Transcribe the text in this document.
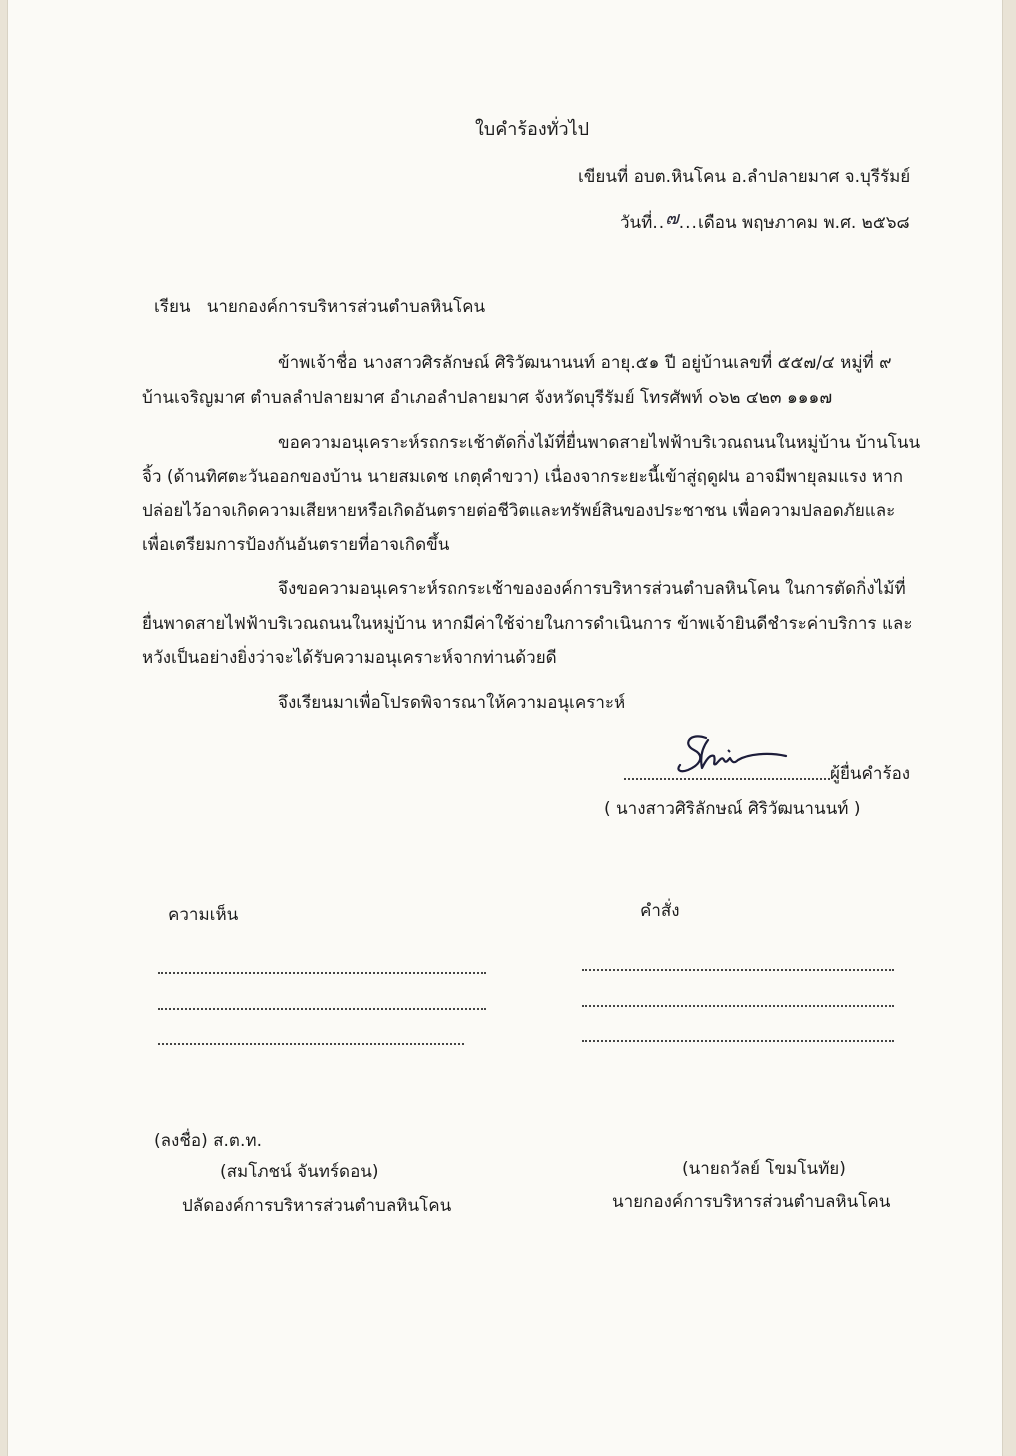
ใบคำร้องทั่วไป
เขียนที่ อบต.หินโคน อ.ลำปลายมาศ จ.บุรีรัมย์
วันที่..๗...เดือน พฤษภาคม พ.ศ. ๒๕๖๘
เรียน นายกองค์การบริหารส่วนตำบลหินโคน
ข้าพเจ้าชื่อ นางสาวศิรลักษณ์ ศิริวัฒนานนท์ อายุ.๕๑ ปี อยู่บ้านเลขที่ ๕๕๗/๔ หมู่ที่ ๙
บ้านเจริญมาศ ตำบลลำปลายมาศ อำเภอลำปลายมาศ จังหวัดบุรีรัมย์ โทรศัพท์ ๐๖๒ ๔๒๓ ๑๑๑๗
ขอความอนุเคราะห์รถกระเช้าตัดกิ่งไม้ที่ยื่นพาดสายไฟฟ้าบริเวณถนนในหมู่บ้าน บ้านโนน
จิ้ว (ด้านทิศตะวันออกของบ้าน นายสมเดช เกตุคำขวา) เนื่องจากระยะนี้เข้าสู่ฤดูฝน อาจมีพายุลมแรง หาก
ปล่อยไว้อาจเกิดความเสียหายหรือเกิดอันตรายต่อชีวิตและทรัพย์สินของประชาชน เพื่อความปลอดภัยและ
เพื่อเตรียมการป้องกันอันตรายที่อาจเกิดขึ้น
จึงขอความอนุเคราะห์รถกระเช้าขององค์การบริหารส่วนตำบลหินโคน ในการตัดกิ่งไม้ที่
ยื่นพาดสายไฟฟ้าบริเวณถนนในหมู่บ้าน หากมีค่าใช้จ่ายในการดำเนินการ ข้าพเจ้ายินดีชำระค่าบริการ และ
หวังเป็นอย่างยิ่งว่าจะได้รับความอนุเคราะห์จากท่านด้วยดี
จึงเรียนมาเพื่อโปรดพิจารณาให้ความอนุเคราะห์
ผู้ยื่นคำร้อง
( นางสาวศิริลักษณ์ ศิริวัฒนานนท์ )
ความเห็น	คำสั่ง
(ลงชื่อ) ส.ต.ท.
(สมโภชน์ จันทร์ดอน)
ปลัดองค์การบริหารส่วนตำบลหินโคน
(นายถวัลย์ โขมโนทัย)
นายกองค์การบริหารส่วนตำบลหินโคน
